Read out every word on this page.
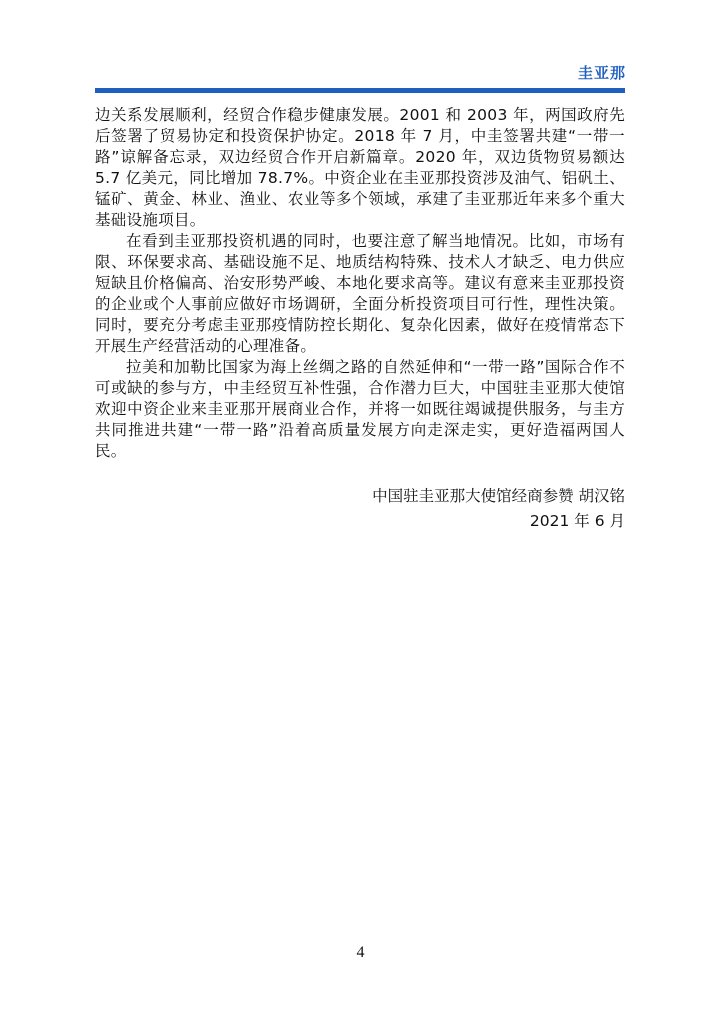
圭亚那

边关系发展顺利，经贸合作稳步健康发展。2001 和 2003 年，两国政府先后签署了贸易协定和投资保护协定。2018 年 7 月，中圭签署共建“一带一路”谅解备忘录，双边经贸合作开启新篇章。2020 年，双边货物贸易额达 5.7 亿美元，同比增加 78.7%。中资企业在圭亚那投资涉及油气、铝矾土、锰矿、黄金、林业、渔业、农业等多个领域，承建了圭亚那近年来多个重大基础设施项目。

在看到圭亚那投资机遇的同时，也要注意了解当地情况。比如，市场有限、环保要求高、基础设施不足、地质结构特殊、技术人才缺乏、电力供应短缺且价格偏高、治安形势严峻、本地化要求高等。建议有意来圭亚那投资的企业或个人事前应做好市场调研，全面分析投资项目可行性，理性决策。同时，要充分考虑圭亚那疫情防控长期化、复杂化因素，做好在疫情常态下开展生产经营活动的心理准备。

拉美和加勒比国家为海上丝绸之路的自然延伸和“一带一路”国际合作不可或缺的参与方，中圭经贸互补性强，合作潜力巨大，中国驻圭亚那大使馆欢迎中资企业来圭亚那开展商业合作，并将一如既往竭诚提供服务，与圭方共同推进共建“一带一路”沿着高质量发展方向走深走实，更好造福两国人民。

中国驻圭亚那大使馆经商参赞 胡汉铭
2021 年 6 月
4
